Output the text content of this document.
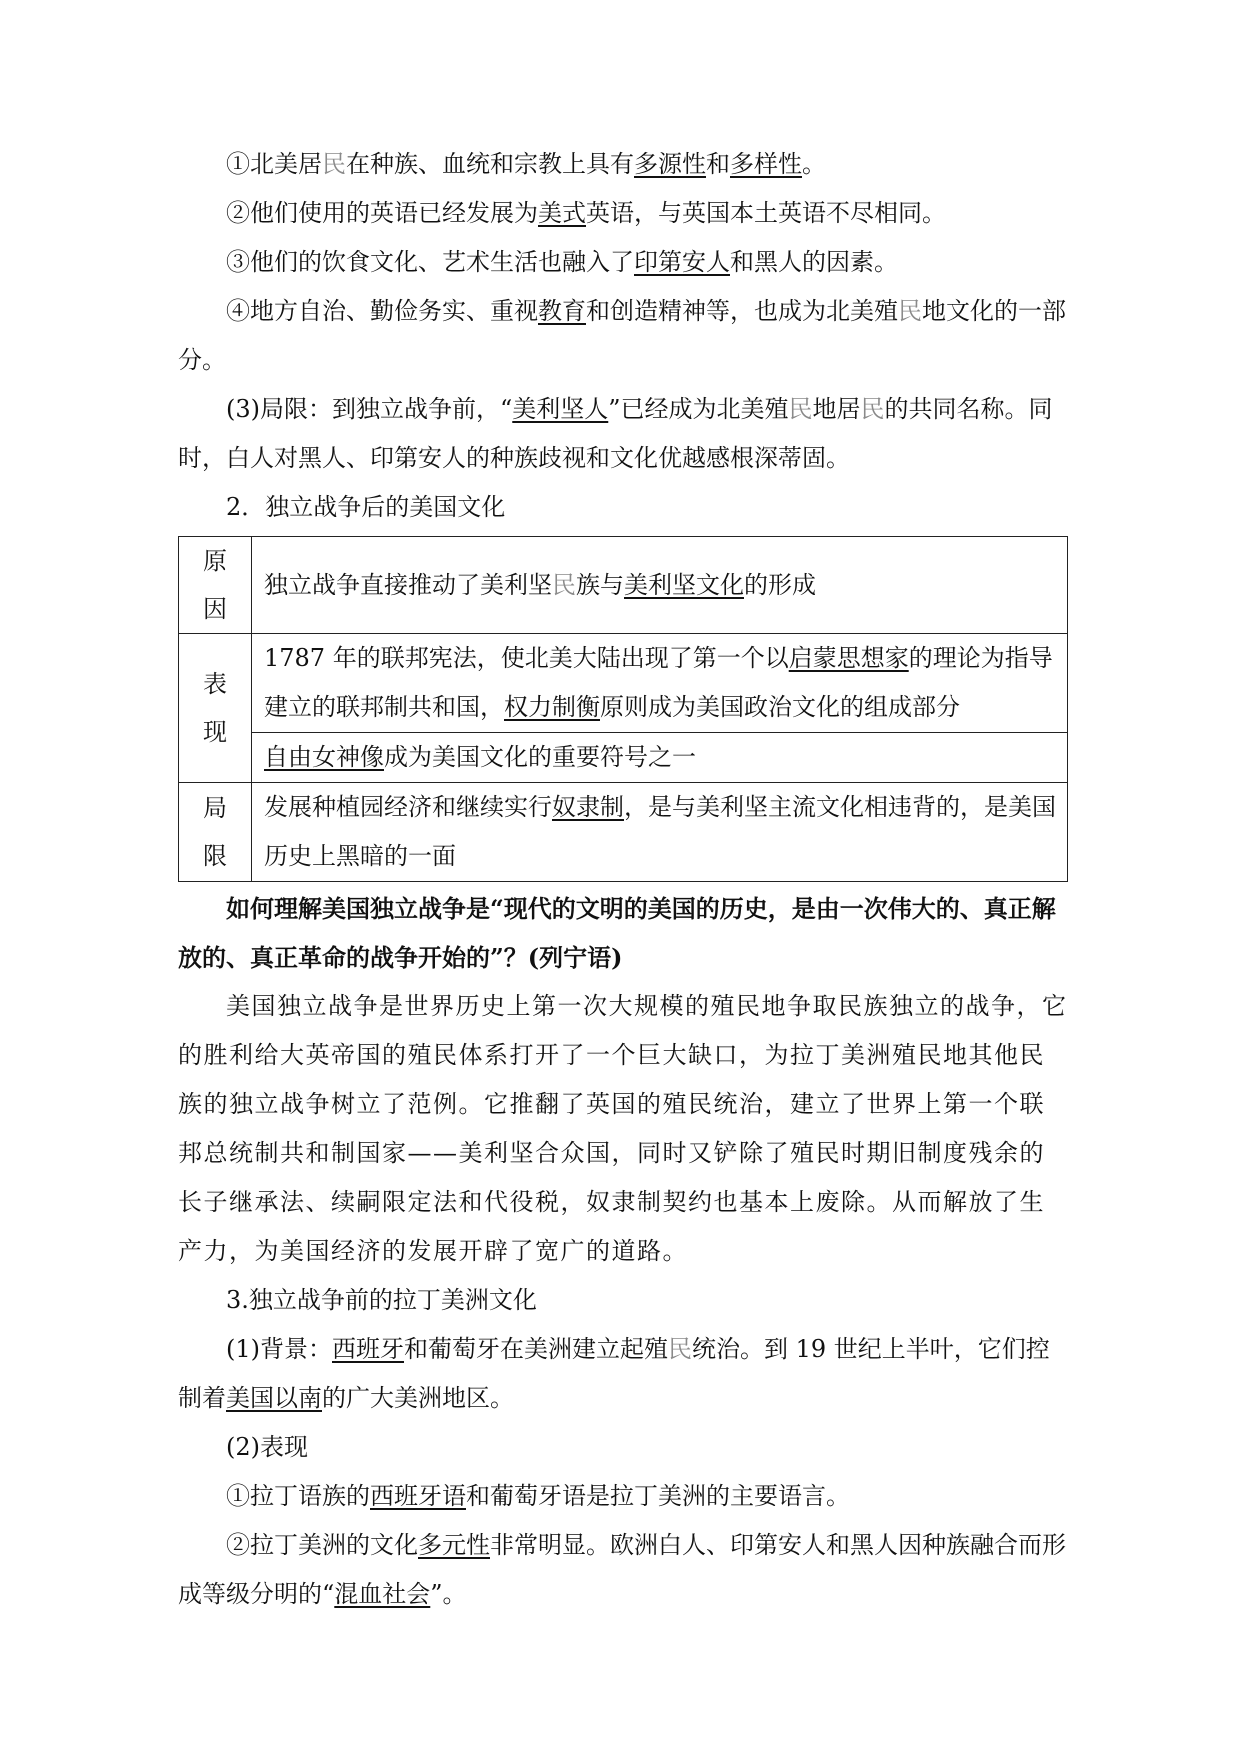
①北美居民在种族、血统和宗教上具有多源性和多样性。

②他们使用的英语已经发展为美式英语，与英国本土英语不尽相同。

③他们的饮食文化、艺术生活也融入了印第安人和黑人的因素。

④地方自治、勤俭务实、重视教育和创造精神等，也成为北美殖民地文化的一部分。

(3)局限：到独立战争前，“美利坚人”已经成为北美殖民地居民的共同名称。同时，白人对黑人、印第安人的种族歧视和文化优越感根深蒂固。

2．独立战争后的美国文化

原因	独立战争直接推动了美利坚民族与美利坚文化的形成
表现	1787 年的联邦宪法，使北美大陆出现了第一个以启蒙思想家的理论为指导建立的联邦制共和国，权力制衡原则成为美国政治文化的组成部分
	自由女神像成为美国文化的重要符号之一
局限	发展种植园经济和继续实行奴隶制，是与美利坚主流文化相违背的，是美国历史上黑暗的一面

如何理解美国独立战争是“现代的文明的美国的历史，是由一次伟大的、真正解放的、真正革命的战争开始的”？(列宁语)

美国独立战争是世界历史上第一次大规模的殖民地争取民族独立的战争，它的胜利给大英帝国的殖民体系打开了一个巨大缺口，为拉丁美洲殖民地其他民族的独立战争树立了范例。它推翻了英国的殖民统治，建立了世界上第一个联邦总统制共和制国家——美利坚合众国，同时又铲除了殖民时期旧制度残余的长子继承法、续嗣限定法和代役税，奴隶制契约也基本上废除。从而解放了生产力，为美国经济的发展开辟了宽广的道路。

3.独立战争前的拉丁美洲文化

(1)背景：西班牙和葡萄牙在美洲建立起殖民统治。到 19 世纪上半叶，它们控制着美国以南的广大美洲地区。

(2)表现

①拉丁语族的西班牙语和葡萄牙语是拉丁美洲的主要语言。

②拉丁美洲的文化多元性非常明显。欧洲白人、印第安人和黑人因种族融合而形成等级分明的“混血社会”。
